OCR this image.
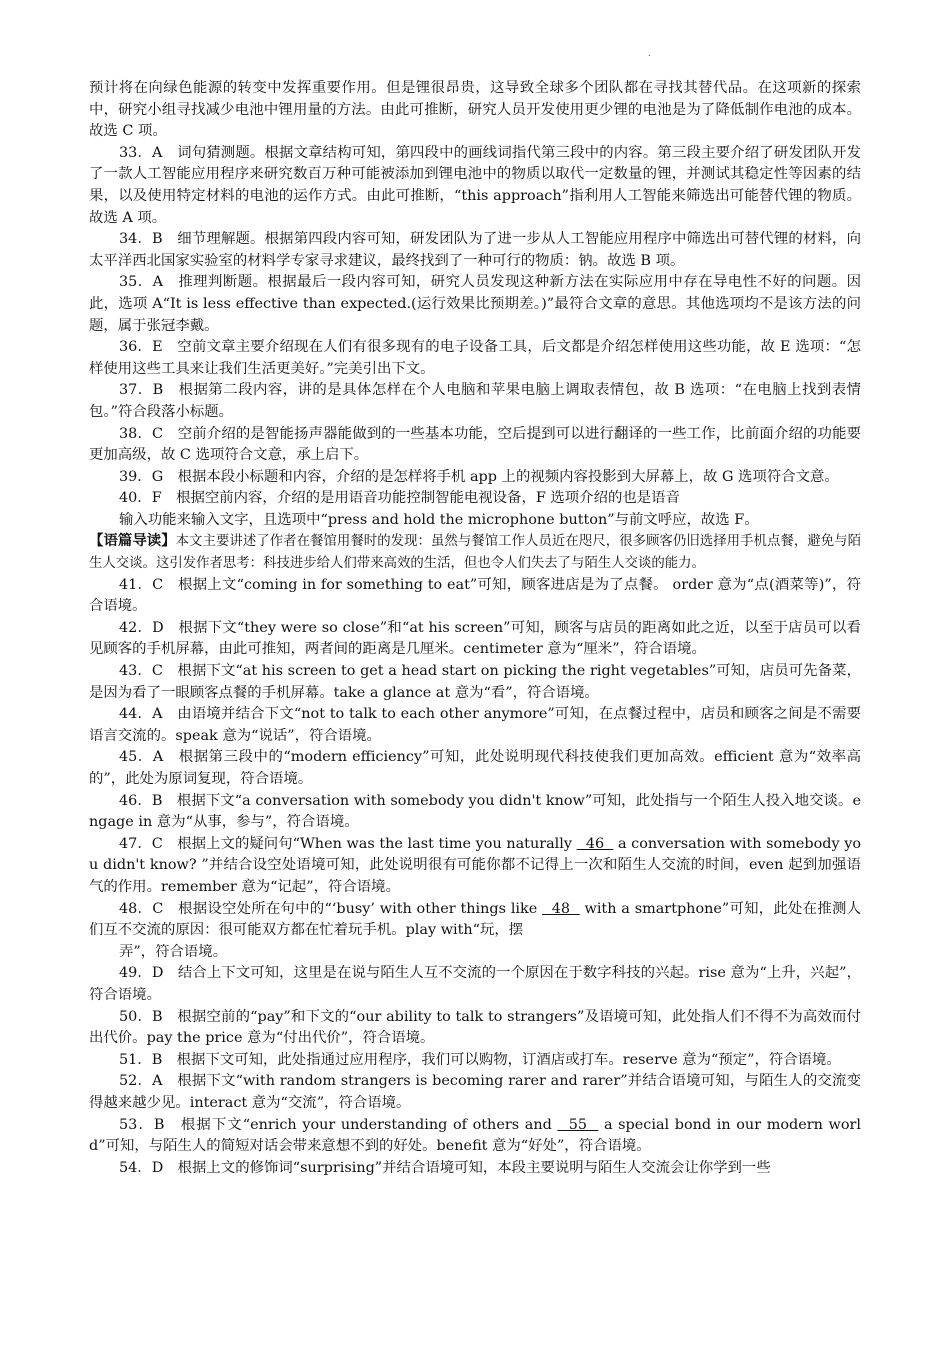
.

预计将在向绿色能源的转变中发挥重要作用。但是锂很昂贵，这导致全球多个团队都在寻找其替代品。在这项新的探索中，研究小组寻找减少电池中锂用量的方法。由此可推断，研究人员开发使用更少锂的电池是为了降低制作电池的成本。故选 C 项。

33．A　词句猜测题。根据文章结构可知，第四段中的画线词指代第三段中的内容。第三段主要介绍了研发团队开发了一款人工智能应用程序来研究数百万种可能被添加到锂电池中的物质以取代一定数量的锂，并测试其稳定性等因素的结果，以及使用特定材料的电池的运作方式。由此可推断，“this approach”指利用人工智能来筛选出可能替代锂的物质。故选 A 项。

34．B　细节理解题。根据第四段内容可知，研发团队为了进一步从人工智能应用程序中筛选出可替代锂的材料，向太平洋西北国家实验室的材料学专家寻求建议，最终找到了一种可行的物质：钠。故选 B 项。

35．A　推理判断题。根据最后一段内容可知，研究人员发现这种新方法在实际应用中存在导电性不好的问题。因此，选项 A“It is less effective than expected.(运行效果比预期差。)”最符合文章的意思。其他选项均不是该方法的问题，属于张冠李戴。

36．E　空前文章主要介绍现在人们有很多现有的电子设备工具，后文都是介绍怎样使用这些功能，故 E 选项：“怎样使用这些工具来让我们生活更美好。”完美引出下文。

37．B　根据第二段内容，讲的是具体怎样在个人电脑和苹果电脑上调取表情包，故 B 选项：“在电脑上找到表情包。”符合段落小标题。

38．C　空前介绍的是智能扬声器能做到的一些基本功能，空后提到可以进行翻译的一些工作，比前面介绍的功能要更加高级，故 C 选项符合文意，承上启下。

39．G　根据本段小标题和内容，介绍的是怎样将手机 app 上的视频内容投影到大屏幕上，故 G 选项符合文意。

40．F　根据空前内容，介绍的是用语音功能控制智能电视设备，F 选项介绍的也是语音

输入功能来输入文字，且选项中“press and hold the microphone button”与前文呼应，故选 F。

【语篇导读】本文主要讲述了作者在餐馆用餐时的发现：虽然与餐馆工作人员近在咫尺，很多顾客仍旧选择用手机点餐，避免与陌生人交谈。这引发作者思考：科技进步给人们带来高效的生活，但也令人们失去了与陌生人交谈的能力。

41．C　根据上文“coming in for something to eat”可知，顾客进店是为了点餐。 order 意为“点(酒菜等)”，符合语境。

42．D　根据下文“they were so close”和“at his screen”可知，顾客与店员的距离如此之近，以至于店员可以看见顾客的手机屏幕，由此可推知，两者间的距离是几厘米。centimeter 意为“厘米”，符合语境。

43．C　根据下文“at his screen to get a head start on picking the right vegetables”可知，店员可先备菜，是因为看了一眼顾客点餐的手机屏幕。take a glance at 意为“看”，符合语境。

44．A　由语境并结合下文“not to talk to each other anymore”可知，在点餐过程中，店员和顾客之间是不需要语言交流的。speak 意为“说话”，符合语境。

45．A　根据第三段中的“modern efficiency”可知，此处说明现代科技使我们更加高效。efficient 意为“效率高的”，此处为原词复现，符合语境。

46．B　根据下文“a conversation with somebody you didn't know”可知，此处指与一个陌生人投入地交谈。engage in 意为“从事，参与”，符合语境。

47．C　根据上文的疑问句“When was the last time you naturally   46   a conversation with somebody you didn't know? ”并结合设空处语境可知，此处说明很有可能你都不记得上一次和陌生人交流的时间，even 起到加强语气的作用。remember 意为“记起”，符合语境。

48．C　根据设空处所在句中的“‘busy’ with other things like   48   with a smartphone”可知，此处在推测人们互不交流的原因：很可能双方都在忙着玩手机。play with“玩，摆

弄”，符合语境。

49．D　结合上下文可知，这里是在说与陌生人互不交流的一个原因在于数字科技的兴起。rise 意为“上升，兴起”，符合语境。

50．B　根据空前的“pay”和下文的“our ability to talk to strangers”及语境可知，此处指人们不得不为高效而付出代价。pay the price 意为“付出代价”，符合语境。

51．B　根据下文可知，此处指通过应用程序，我们可以购物，订酒店或打车。reserve 意为“预定”，符合语境。

52．A　根据下文“with random strangers is becoming rarer and rarer”并结合语境可知，与陌生人的交流变得越来越少见。interact 意为“交流”，符合语境。

53．B　根据下文“enrich your understanding of others and   55   a special bond in our modern world”可知，与陌生人的简短对话会带来意想不到的好处。benefit 意为“好处”，符合语境。

54．D　根据上文的修饰词“surprising”并结合语境可知，本段主要说明与陌生人交流会让你学到一些
